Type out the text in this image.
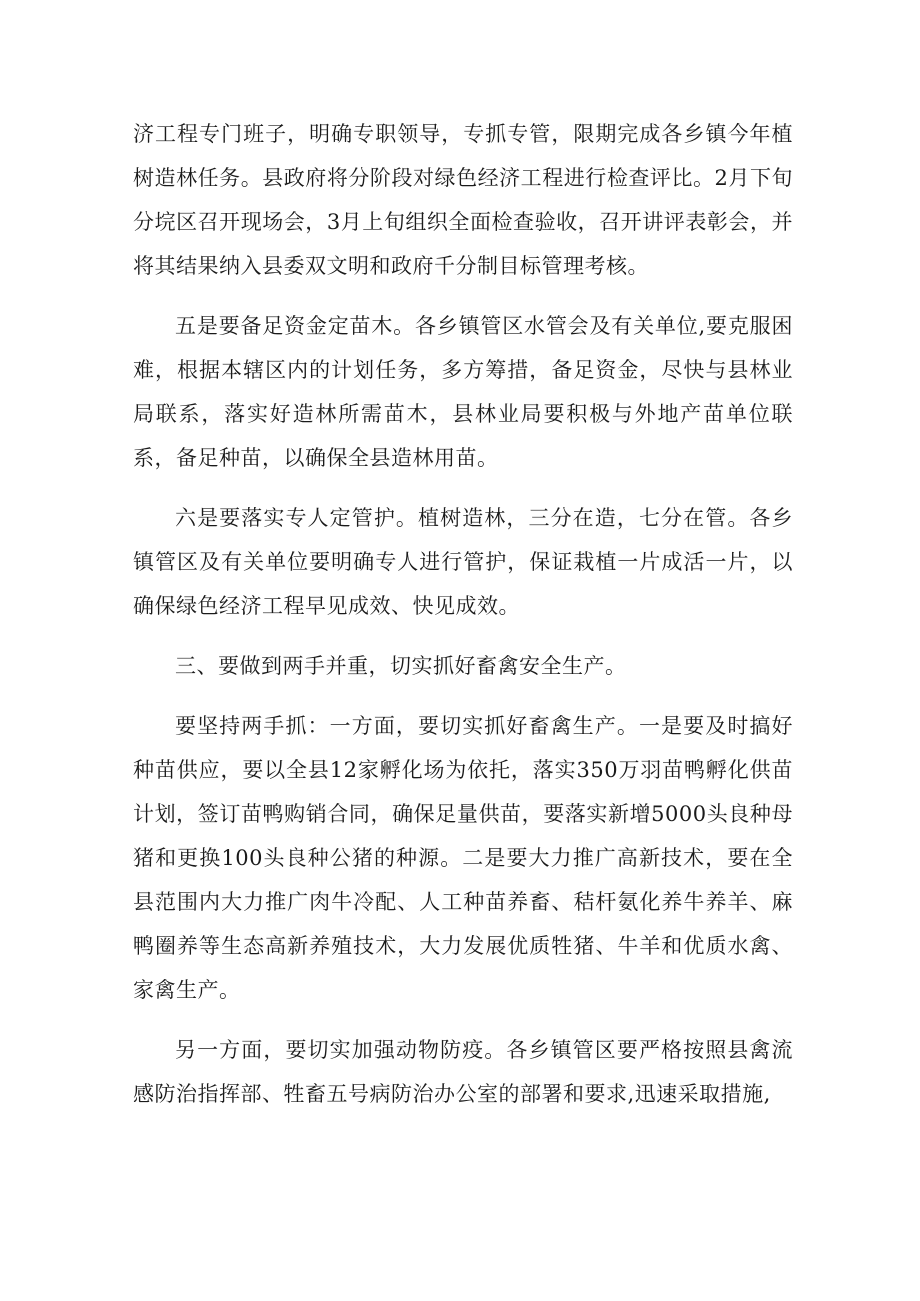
济工程专门班子，明确专职领导，专抓专管，限期完成各乡镇今年植树造林任务。县政府将分阶段对绿色经济工程进行检查评比。2月下旬分垸区召开现场会，3月上旬组织全面检查验收，召开讲评表彰会，并将其结果纳入县委双文明和政府千分制目标管理考核。

五是要备足资金定苗木。各乡镇管区水管会及有关单位,要克服困难，根据本辖区内的计划任务，多方筹措，备足资金，尽快与县林业局联系，落实好造林所需苗木，县林业局要积极与外地产苗单位联系，备足种苗，以确保全县造林用苗。

六是要落实专人定管护。植树造林，三分在造，七分在管。各乡镇管区及有关单位要明确专人进行管护，保证栽植一片成活一片，以确保绿色经济工程早见成效、快见成效。

三、要做到两手并重，切实抓好畜禽安全生产。

要坚持两手抓：一方面，要切实抓好畜禽生产。一是要及时搞好种苗供应，要以全县12家孵化场为依托，落实350万羽苗鸭孵化供苗计划，签订苗鸭购销合同，确保足量供苗，要落实新增5000头良种母猪和更换100头良种公猪的种源。二是要大力推广高新技术，要在全县范围内大力推广肉牛冷配、人工种苗养畜、秸杆氨化养牛养羊、麻鸭圈养等生态高新养殖技术，大力发展优质牲猪、牛羊和优质水禽、家禽生产。

另一方面，要切实加强动物防疫。各乡镇管区要严格按照县禽流感防治指挥部、牲畜五号病防治办公室的部署和要求,迅速采取措施,
